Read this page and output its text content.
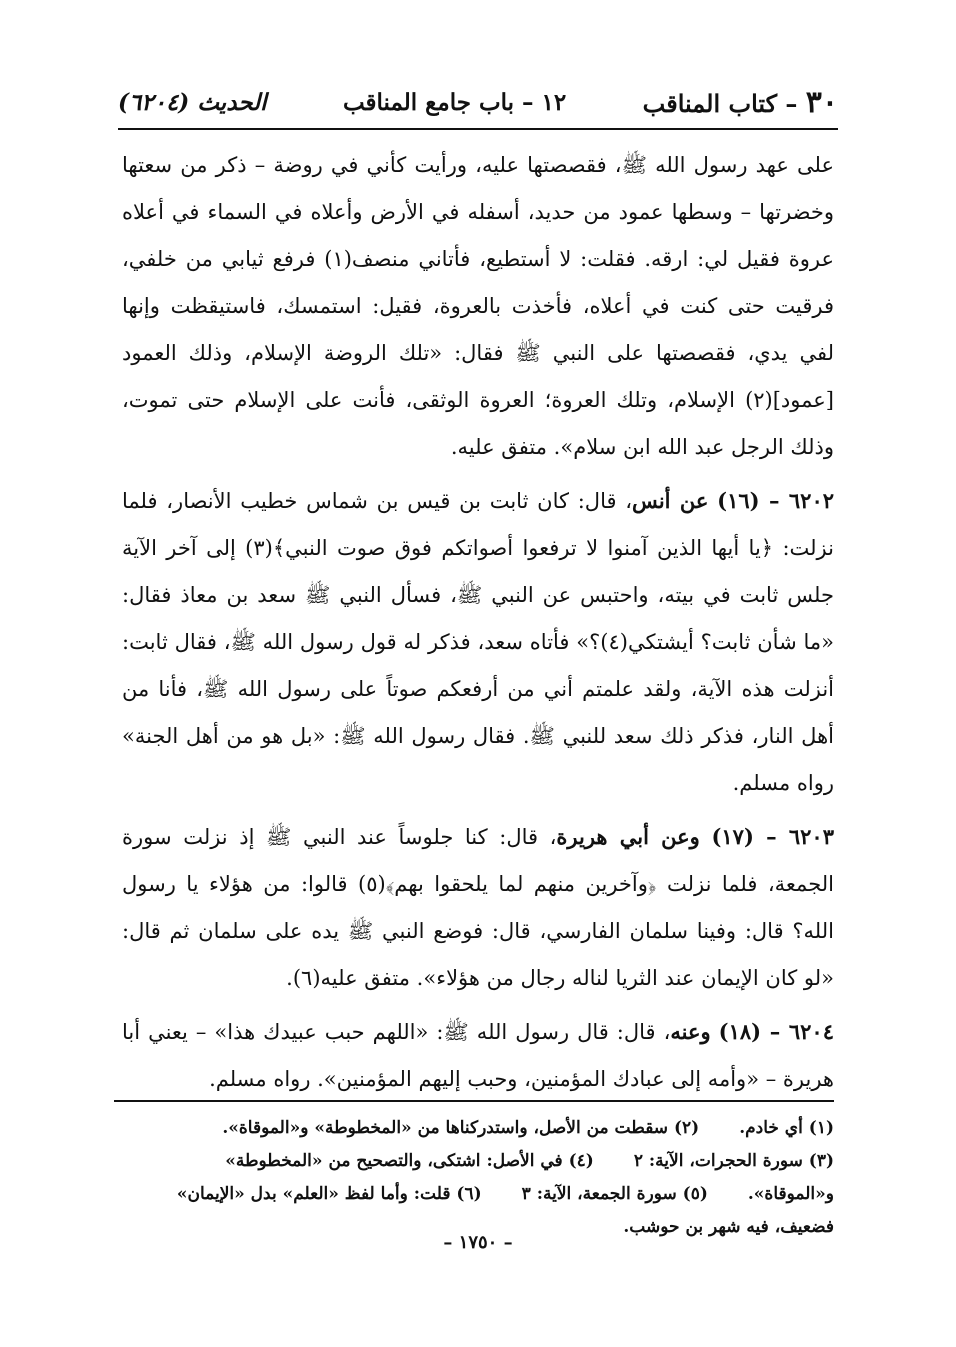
٣٠ – كتاب المناقب
١٢ – باب جامع المناقب
الحديث (٦٢٠٤)

على عهد رسول الله ﷺ، فقصصتها عليه، ورأيت كأني في روضة – ذكر من سعتها وخضرتها – وسطها عمود من حديد، أسفله في الأرض وأعلاه في السماء في أعلاه عروة فقيل لي: ارقه. فقلت: لا أستطيع، فأتاني منصف(١) فرفع ثيابي من خلفي، فرقيت حتى كنت في أعلاه، فأخذت بالعروة، فقيل: استمسك، فاستيقظت وإنها لفي يدي، فقصصتها على النبي ﷺ فقال: «تلك الروضة الإسلام، وذلك العمود [عمود](٢) الإسلام، وتلك العروة؛ العروة الوثقى، فأنت على الإسلام حتى تموت، وذلك الرجل عبد الله ابن سلام». متفق عليه.

٦٢٠٢ – (١٦) عن أنس، قال: كان ثابت بن قيس بن شماس خطيب الأنصار، فلما نزلت: ﴿يا أيها الذين آمنوا لا ترفعوا أصواتكم فوق صوت النبي﴾(٣) إلى آخر الآية جلس ثابت في بيته، واحتبس عن النبي ﷺ، فسأل النبي ﷺ سعد بن معاذ فقال: «ما شأن ثابت؟ أيشتكي(٤)؟» فأتاه سعد، فذكر له قول رسول الله ﷺ، فقال ثابت: أنزلت هذه الآية، ولقد علمتم أني من أرفعكم صوتاً على رسول الله ﷺ، فأنا من أهل النار، فذكر ذلك سعد للنبي ﷺ. فقال رسول الله ﷺ: «بل هو من أهل الجنة» رواه مسلم.

٦٢٠٣ – (١٧) وعن أبي هريرة، قال: كنا جلوساً عند النبي ﷺ إذ نزلت سورة الجمعة، فلما نزلت ﴿وآخرين منهم لما يلحقوا بهم﴾(٥) قالوا: من هؤلاء يا رسول الله؟ قال: وفينا سلمان الفارسي، قال: فوضع النبي ﷺ يده على سلمان ثم قال: «لو كان الإيمان عند الثريا لناله رجال من هؤلاء». متفق عليه(٦).

٦٢٠٤ – (١٨) وعنه، قال: قال رسول الله ﷺ: «اللهم حبب عبيدك هذا» – يعني أبا هريرة – «وأمه إلى عبادك المؤمنين، وحبب إليهم المؤمنين». رواه مسلم.

(١) أي خادم.
(٢) سقطت من الأصل، واستدركناها من «المخطوطة» و«الموقاة».
(٣) سورة الحجرات، الآية: ٢
(٤) في الأصل: اشتكى، والتصحيح من «المخطوطة»
و«الموقاة».
(٥) سورة الجمعة، الآية: ٣
(٦) قلت: وأما لفظ «العلم» بدل «الإيمان»
فضعيف، فيه شهر بن حوشب.
– ١٧٥٠ –
